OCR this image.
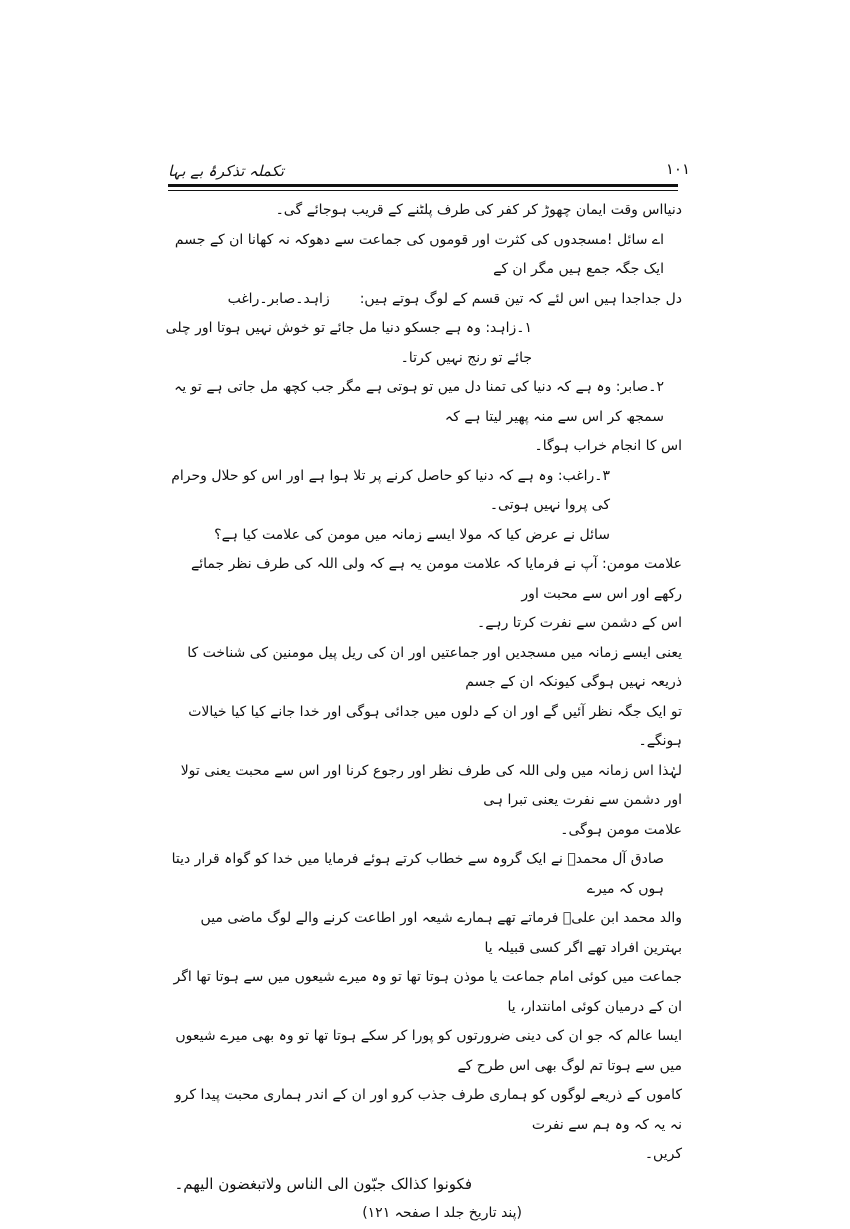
تکملہ تذکرۂ بے بہا	۱۰۱

دنیااس وقت ایمان چھوڑ کر کفر کی طرف پلٹنے کے قریب ہوجائے گی۔

اے سائل !مسجدوں کی کثرت اور قوموں کی جماعت سے دھوکہ نہ کھانا ان کے جسم ایک جگہ جمع ہیں مگر ان کے

دل جداجدا ہیں اس لئے کہ تین قسم کے لوگ ہوتے ہیں:
زاہد۔صابر۔راغب

۱۔زاہد: وہ ہے جسکو دنیا مل جائے تو خوش نہیں ہوتا اور چلی جائے تو رنج نہیں کرتا۔

۲۔صابر: وہ ہے کہ دنیا کی تمنا دل میں تو ہوتی ہے مگر جب کچھ مل جاتی ہے تو یہ سمجھ کر اس سے منہ پھیر لیتا ہے کہ

اس کا انجام خراب ہوگا۔

۳۔راغب: وہ ہے کہ دنیا کو حاصل کرنے پر تلا ہوا ہے اور اس کو حلال وحرام کی پروا نہیں ہوتی۔

سائل نے عرض کیا کہ مولا ایسے زمانہ میں مومن کی علامت کیا ہے؟

علامت مومن: آپ نے فرمایا کہ علامت مومن یہ ہے کہ ولی اللہ کی طرف نظر جمائے رکھے اور اس سے محبت اور

اس کے دشمن سے نفرت کرتا رہے۔

یعنی ایسے زمانہ میں مسجدیں اور جماعتیں اور ان کی ریل پیل مومنین کی شناخت کا ذریعہ نہیں ہوگی کیونکہ ان کے جسم

تو ایک جگہ نظر آئیں گے اور ان کے دلوں میں جدائی ہوگی اور خدا جانے کیا کیا خیالات ہونگے۔

لہٰذا اس زمانہ میں ولی اللہ کی طرف نظر اور رجوع کرنا اور اس سے محبت یعنی تولا اور دشمن سے نفرت یعنی تبرا ہی

علامت مومن ہوگی۔

صادق آل محمدؐ نے ایک گروہ سے خطاب کرتے ہوئے فرمایا میں خدا کو گواہ قرار دیتا ہوں کہ میرے

والد محمد ابن علیؑ فرماتے تھے ہمارے شیعہ اور اطاعت کرنے والے لوگ ماضی میں بہترین افراد تھے اگر کسی قبیلہ یا

جماعت میں کوئی امام جماعت یا موذن ہوتا تھا تو وہ میرے شیعوں میں سے ہوتا تھا اگر ان کے درمیان کوئی امانتدار، یا

ایسا عالم کہ جو ان کی دینی ضرورتوں کو پورا کر سکے ہوتا تھا تو وہ بھی میرے شیعوں میں سے ہوتا تم لوگ بھی اس طرح کے

کاموں کے ذریعے لوگوں کو ہماری طرف جذب کرو اور ان کے اندر ہماری محبت پیدا کرو نہ یہ کہ وہ ہم سے نفرت

کریں۔

فکونوا کذالک جبّون الی الناس ولاتبغضون الیھم۔

(پند تاریخ جلد ا صفحہ ۱۲۱)
